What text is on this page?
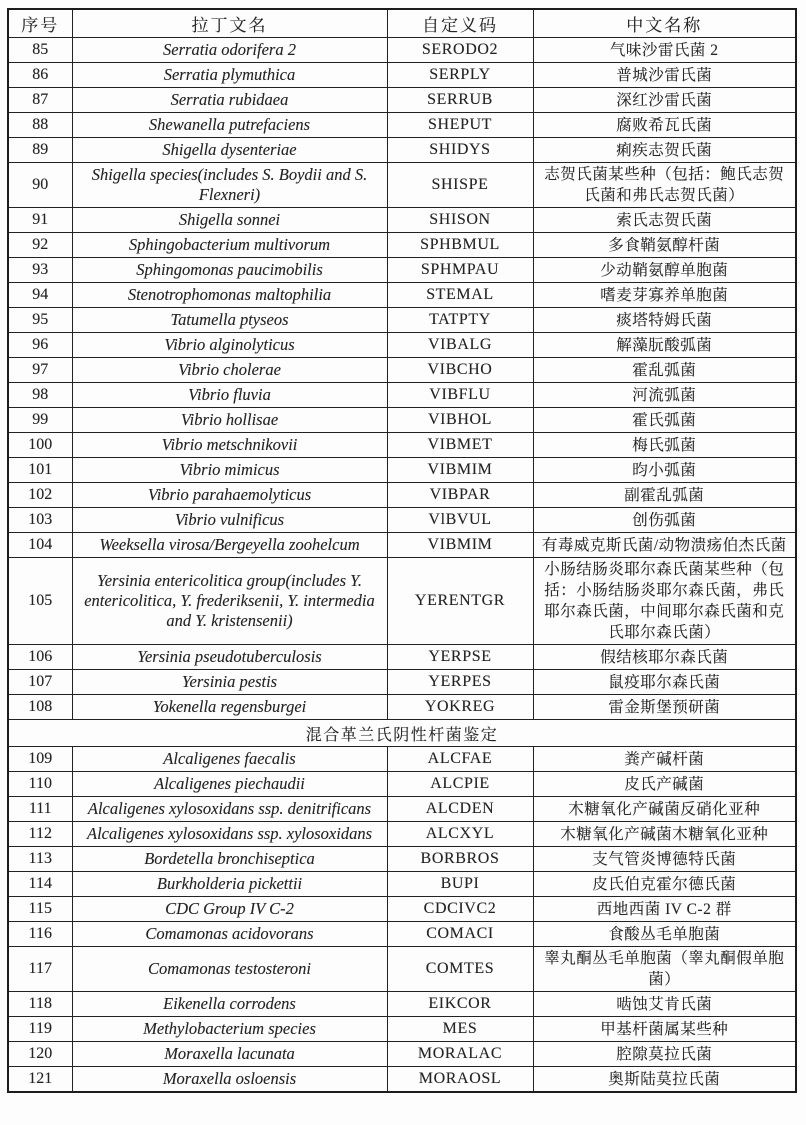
序号	拉丁文名	自定义码	中文名称
85	Serratia odorifera 2	SERODO2	气味沙雷氏菌 2
86	Serratia plymuthica	SERPLY	普城沙雷氏菌
87	Serratia rubidaea	SERRUB	深红沙雷氏菌
88	Shewanella putrefaciens	SHEPUT	腐败希瓦氏菌
89	Shigella dysenteriae	SHIDYS	痢疾志贺氏菌
90	Shigella species(includes S. Boydii and S. Flexneri)	SHISPE	志贺氏菌某些种（包括：鲍氏志贺氏菌和弗氏志贺氏菌）
91	Shigella sonnei	SHISON	索氏志贺氏菌
92	Sphingobacterium multivorum	SPHBMUL	多食鞘氨醇杆菌
93	Sphingomonas paucimobilis	SPHMPAU	少动鞘氨醇单胞菌
94	Stenotrophomonas maltophilia	STEMAL	嗜麦芽寡养单胞菌
95	Tatumella ptyseos	TATPTY	痰塔特姆氏菌
96	Vibrio alginolyticus	VIBALG	解藻朊酸弧菌
97	Vibrio cholerae	VIBCHO	霍乱弧菌
98	Vibrio fluvia	VIBFLU	河流弧菌
99	Vibrio hollisae	VIBHOL	霍氏弧菌
100	Vibrio metschnikovii	VIBMET	梅氏弧菌
101	Vibrio mimicus	VIBMIM	昀小弧菌
102	Vibrio parahaemolyticus	VIBPAR	副霍乱弧菌
103	Vibrio vulnificus	VlBVUL	创伤弧菌
104	Weeksella virosa/Bergeyella zoohelcum	VIBMIM	有毒威克斯氏菌/动物溃疡伯杰氏菌
105	Yersinia entericolitica group(includes Y. entericolitica, Y. frederiksenii, Y. intermedia and Y. kristensenii)	YERENTGR	小肠结肠炎耶尔森氏菌某些种（包括：小肠结肠炎耶尔森氏菌，弗氏耶尔森氏菌，中间耶尔森氏菌和克氏耶尔森氏菌）
106	Yersinia pseudotuberculosis	YERPSE	假结核耶尔森氏菌
107	Yersinia pestis	YERPES	鼠疫耶尔森氏菌
108	Yokenella regensburgei	YOKREG	雷金斯堡预研菌
混合革兰氏阴性杆菌鉴定			
109	Alcaligenes faecalis	ALCFAE	粪产碱杆菌
110	Alcaligenes piechaudii	ALCPIE	皮氏产碱菌
111	Alcaligenes xylosoxidans ssp. denitrificans	ALCDEN	木糖氧化产碱菌反硝化亚种
112	Alcaligenes xylosoxidans ssp. xylosoxidans	ALCXYL	木糖氧化产碱菌木糖氧化亚种
113	Bordetella bronchiseptica	BORBROS	支气管炎博德特氏菌
114	Burkholderia pickettii	BUPI	皮氏伯克霍尔德氏菌
115	CDC Group IV C-2	CDCIVC2	西地西菌 IV C-2 群
116	Comamonas acidovorans	COMACI	食酸丛毛单胞菌
117	Comamonas testosteroni	COMTES	睾丸酮丛毛单胞菌（睾丸酮假单胞菌）
118	Eikenella corrodens	EIKCOR	啮蚀艾肯氏菌
119	Methylobacterium species	MES	甲基杆菌属某些种
120	Moraxella lacunata	MORALAC	腔隙莫拉氏菌
121	Moraxella osloensis	MORAOSL	奥斯陆莫拉氏菌
